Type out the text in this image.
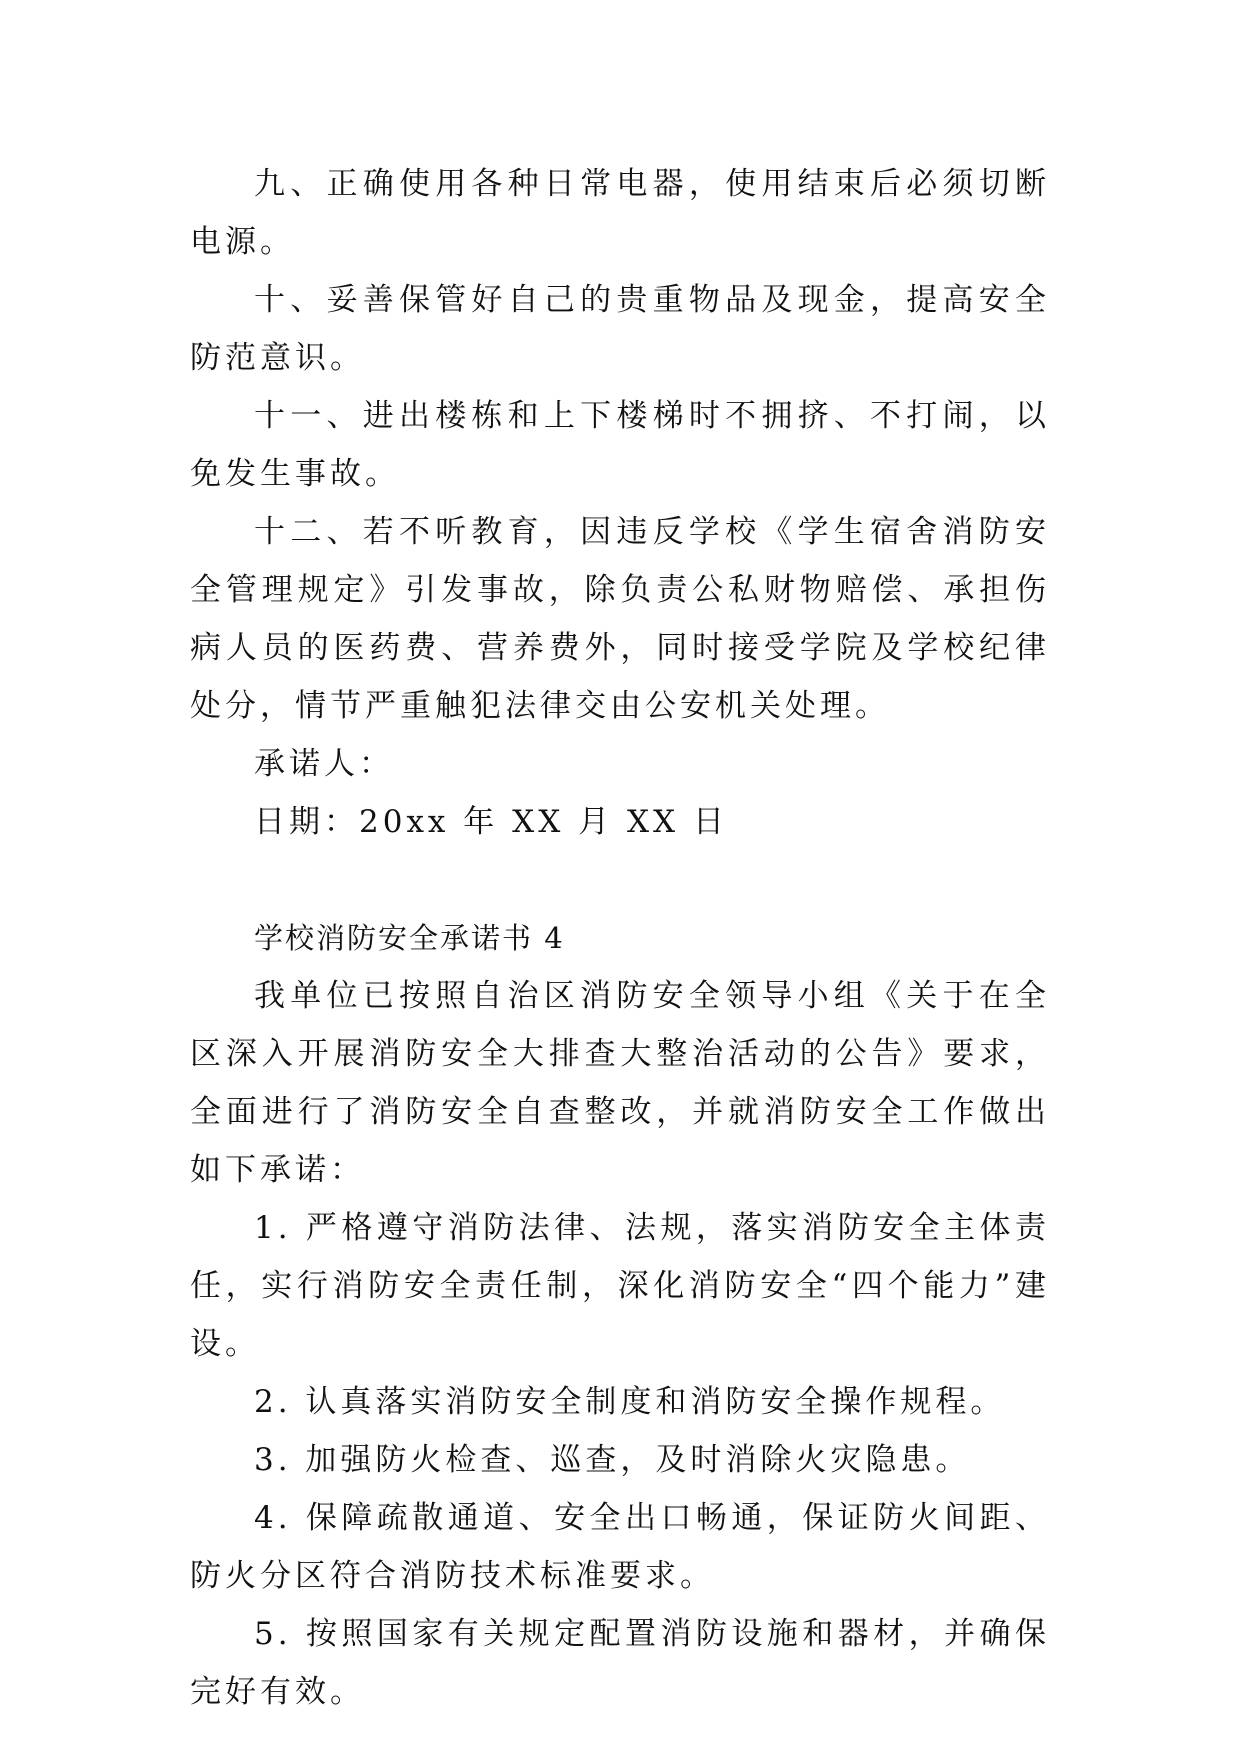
九、正确使用各种日常电器，使用结束后必须切断电源。

十、妥善保管好自己的贵重物品及现金，提高安全防范意识。

十一、进出楼栋和上下楼梯时不拥挤、不打闹，以免发生事故。

十二、若不听教育，因违反学校《学生宿舍消防安全管理规定》引发事故，除负责公私财物赔偿、承担伤病人员的医药费、营养费外，同时接受学院及学校纪律处分，情节严重触犯法律交由公安机关处理。

承诺人：

日期：20xx 年 XX 月 XX 日

学校消防安全承诺书 4

我单位已按照自治区消防安全领导小组《关于在全区深入开展消防安全大排查大整治活动的公告》要求，全面进行了消防安全自查整改，并就消防安全工作做出如下承诺：

1. 严格遵守消防法律、法规，落实消防安全主体责任，实行消防安全责任制，深化消防安全“四个能力”建设。

2. 认真落实消防安全制度和消防安全操作规程。

3. 加强防火检查、巡查，及时消除火灾隐患。

4. 保障疏散通道、安全出口畅通，保证防火间距、防火分区符合消防技术标准要求。

5. 按照国家有关规定配置消防设施和器材，并确保完好有效。
